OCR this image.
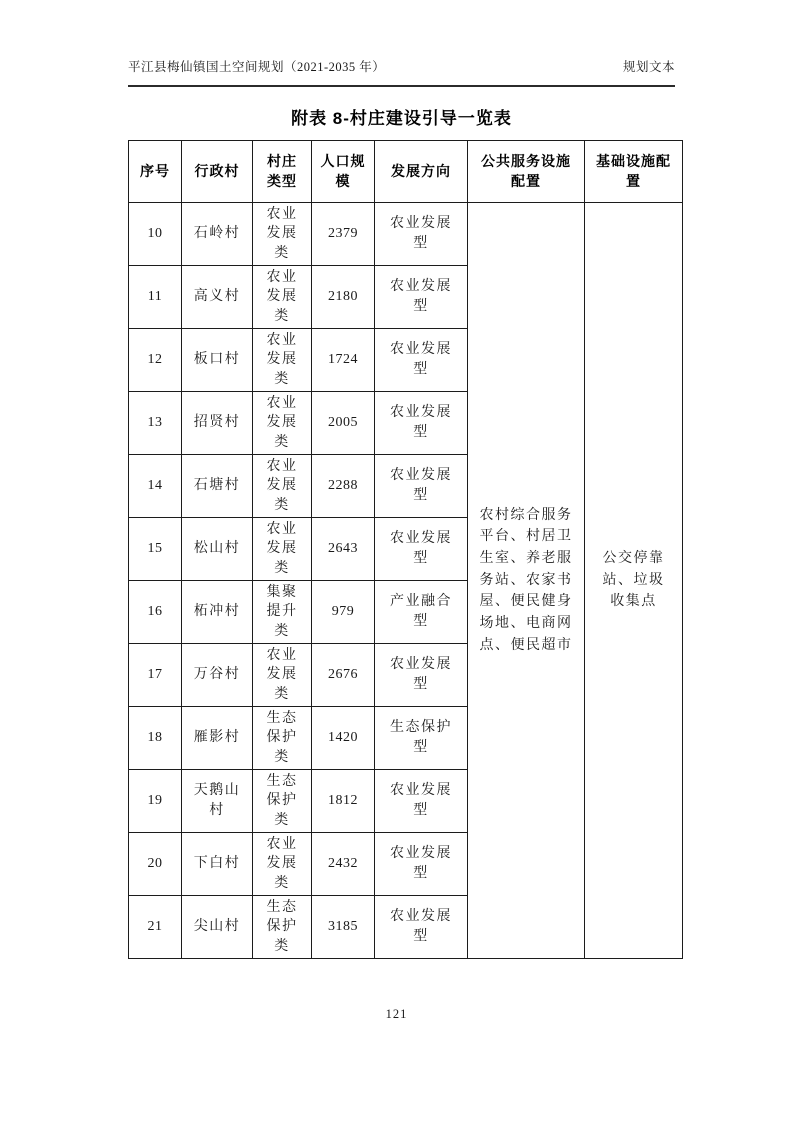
平江县梅仙镇国土空间规划（2021-2035 年）	规划文本
附表 8-村庄建设引导一览表
序号	行政村	村庄类型	人口规模	发展方向	公共服务设施配置	基础设施配置
10	石岭村	农业发展类	2379	农业发展型	农村综合服务平台、村居卫生室、养老服务站、农家书屋、便民健身场地、电商网点、便民超市	公交停靠站、垃圾收集点
11	高义村	农业发展类	2180	农业发展型		
12	板口村	农业发展类	1724	农业发展型		
13	招贤村	农业发展类	2005	农业发展型		
14	石塘村	农业发展类	2288	农业发展型		
15	松山村	农业发展类	2643	农业发展型		
16	柘冲村	集聚提升类	979	产业融合型		
17	万谷村	农业发展类	2676	农业发展型		
18	雁影村	生态保护类	1420	生态保护型		
19	天鹅山村	生态保护类	1812	农业发展型		
20	下白村	农业发展类	2432	农业发展型		
21	尖山村	生态保护类	3185	农业发展型		
121
